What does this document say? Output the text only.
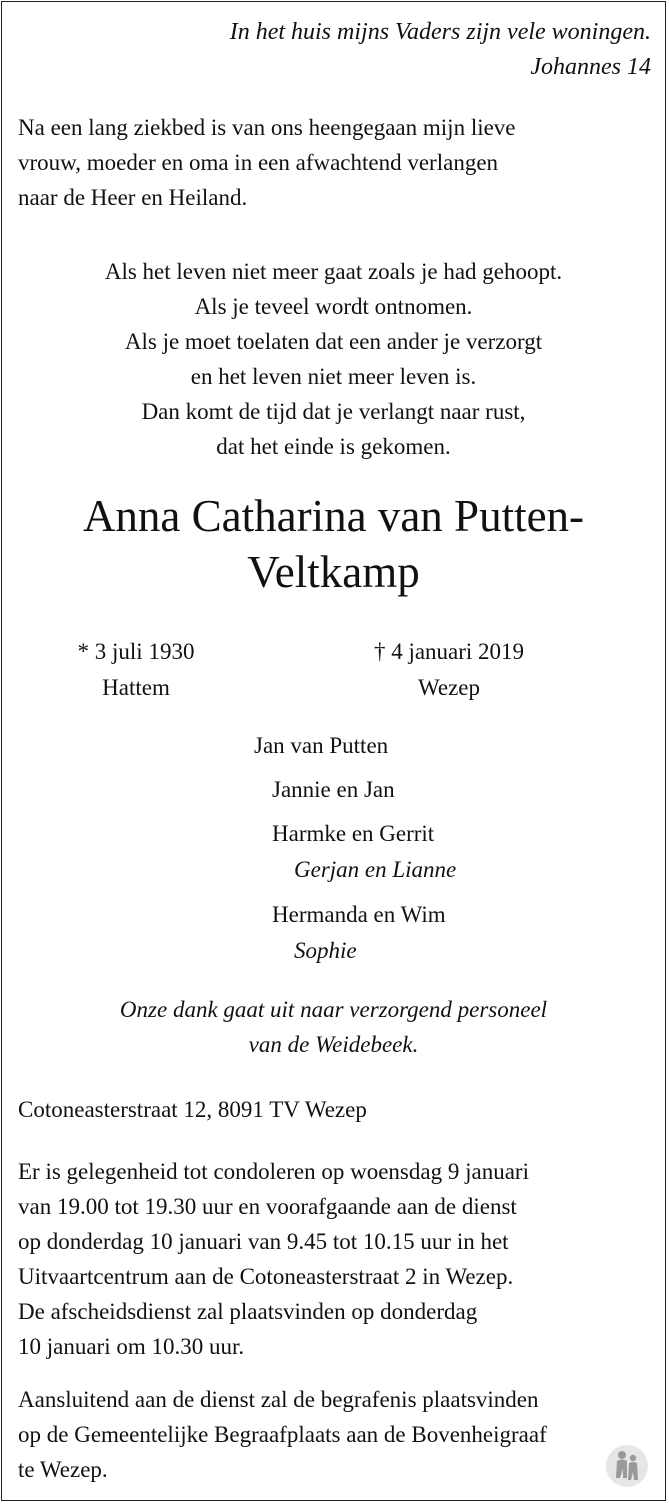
In het huis mijns Vaders zijn vele woningen.
Johannes 14
Na een lang ziekbed is van ons heengegaan mijn lieve
vrouw, moeder en oma in een afwachtend verlangen
naar de Heer en Heiland.
Als het leven niet meer gaat zoals je had gehoopt.
Als je teveel wordt ontnomen.
Als je moet toelaten dat een ander je verzorgt
en het leven niet meer leven is.
Dan komt de tijd dat je verlangt naar rust,
dat het einde is gekomen.
Anna Catharina van Putten-
Veltkamp
* 3 juli 1930
Hattem
† 4 januari 2019
Wezep
Jan van Putten
Jannie en Jan
Harmke en Gerrit
Gerjan en Lianne
Hermanda en Wim
Sophie
Onze dank gaat uit naar verzorgend personeel
van de Weidebeek.
Cotoneasterstraat 12, 8091 TV Wezep
Er is gelegenheid tot condoleren op woensdag 9 januari
van 19.00 tot 19.30 uur en voorafgaande aan de dienst
op donderdag 10 januari van 9.45 tot 10.15 uur in het
Uitvaartcentrum aan de Cotoneasterstraat 2 in Wezep.
De afscheidsdienst zal plaatsvinden op donderdag
10 januari om 10.30 uur.
Aansluitend aan de dienst zal de begrafenis plaatsvinden
op de Gemeentelijke Begraafplaats aan de Bovenheigraaf
te Wezep.
